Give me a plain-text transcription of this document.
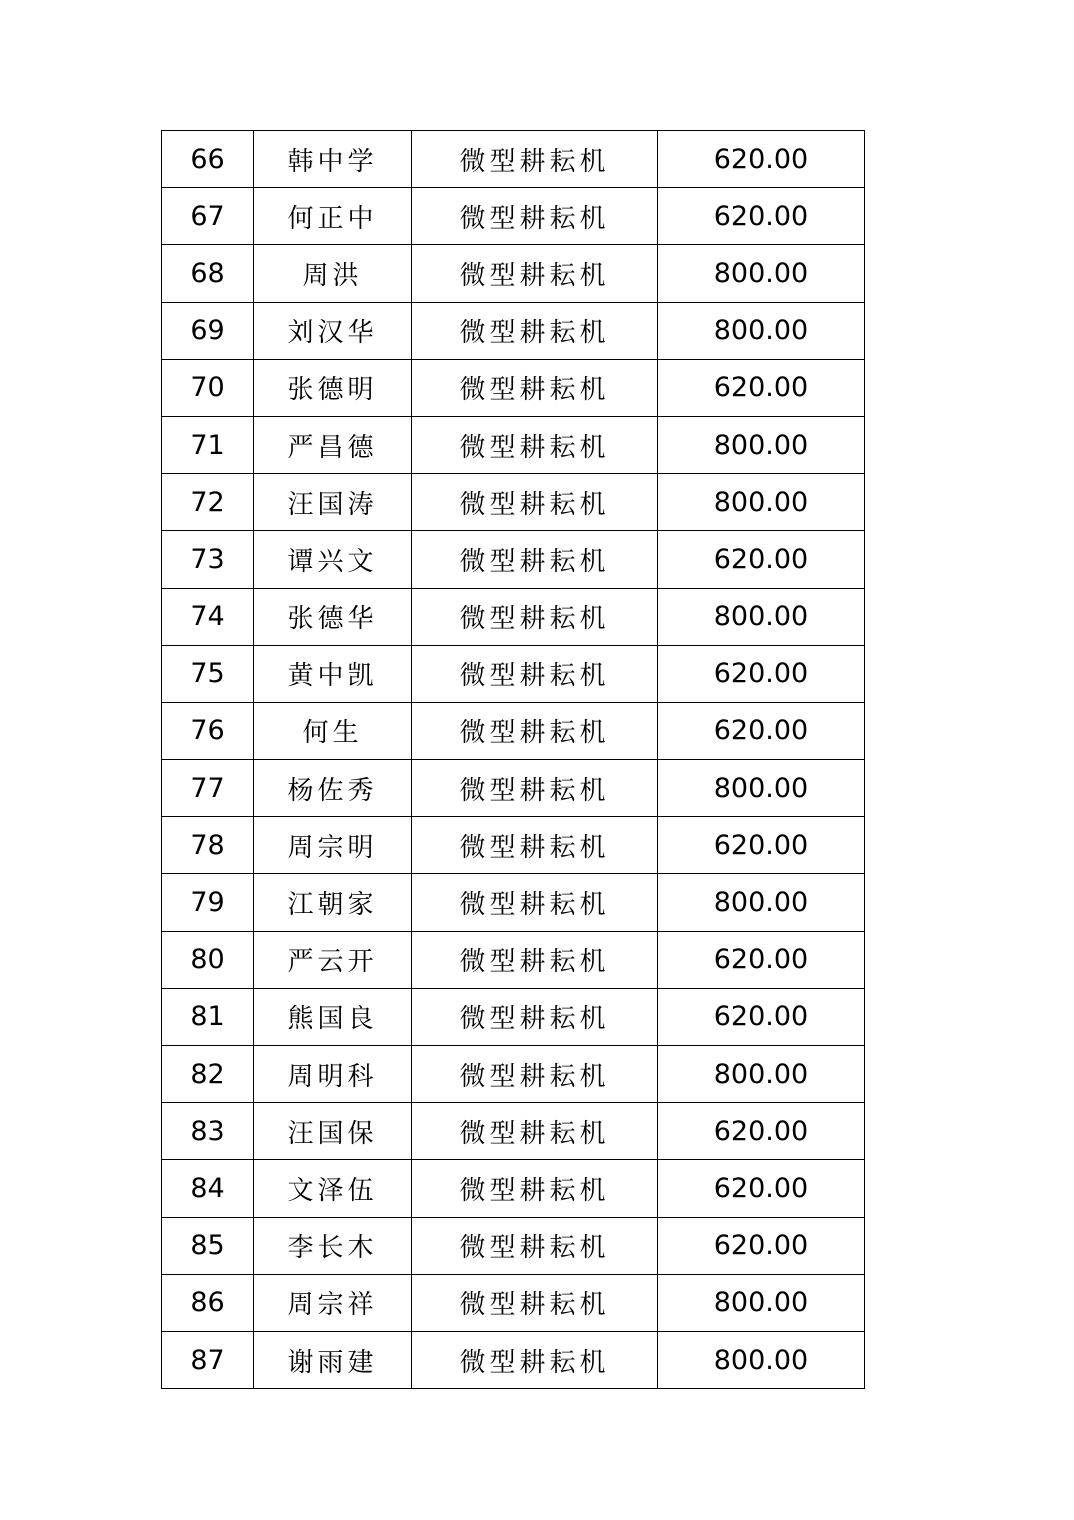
66	韩中学	微型耕耘机	620.00
67	何正中	微型耕耘机	620.00
68	周洪	微型耕耘机	800.00
69	刘汉华	微型耕耘机	800.00
70	张德明	微型耕耘机	620.00
71	严昌德	微型耕耘机	800.00
72	汪国涛	微型耕耘机	800.00
73	谭兴文	微型耕耘机	620.00
74	张德华	微型耕耘机	800.00
75	黄中凯	微型耕耘机	620.00
76	何生	微型耕耘机	620.00
77	杨佐秀	微型耕耘机	800.00
78	周宗明	微型耕耘机	620.00
79	江朝家	微型耕耘机	800.00
80	严云开	微型耕耘机	620.00
81	熊国良	微型耕耘机	620.00
82	周明科	微型耕耘机	800.00
83	汪国保	微型耕耘机	620.00
84	文泽伍	微型耕耘机	620.00
85	李长木	微型耕耘机	620.00
86	周宗祥	微型耕耘机	800.00
87	谢雨建	微型耕耘机	800.00
